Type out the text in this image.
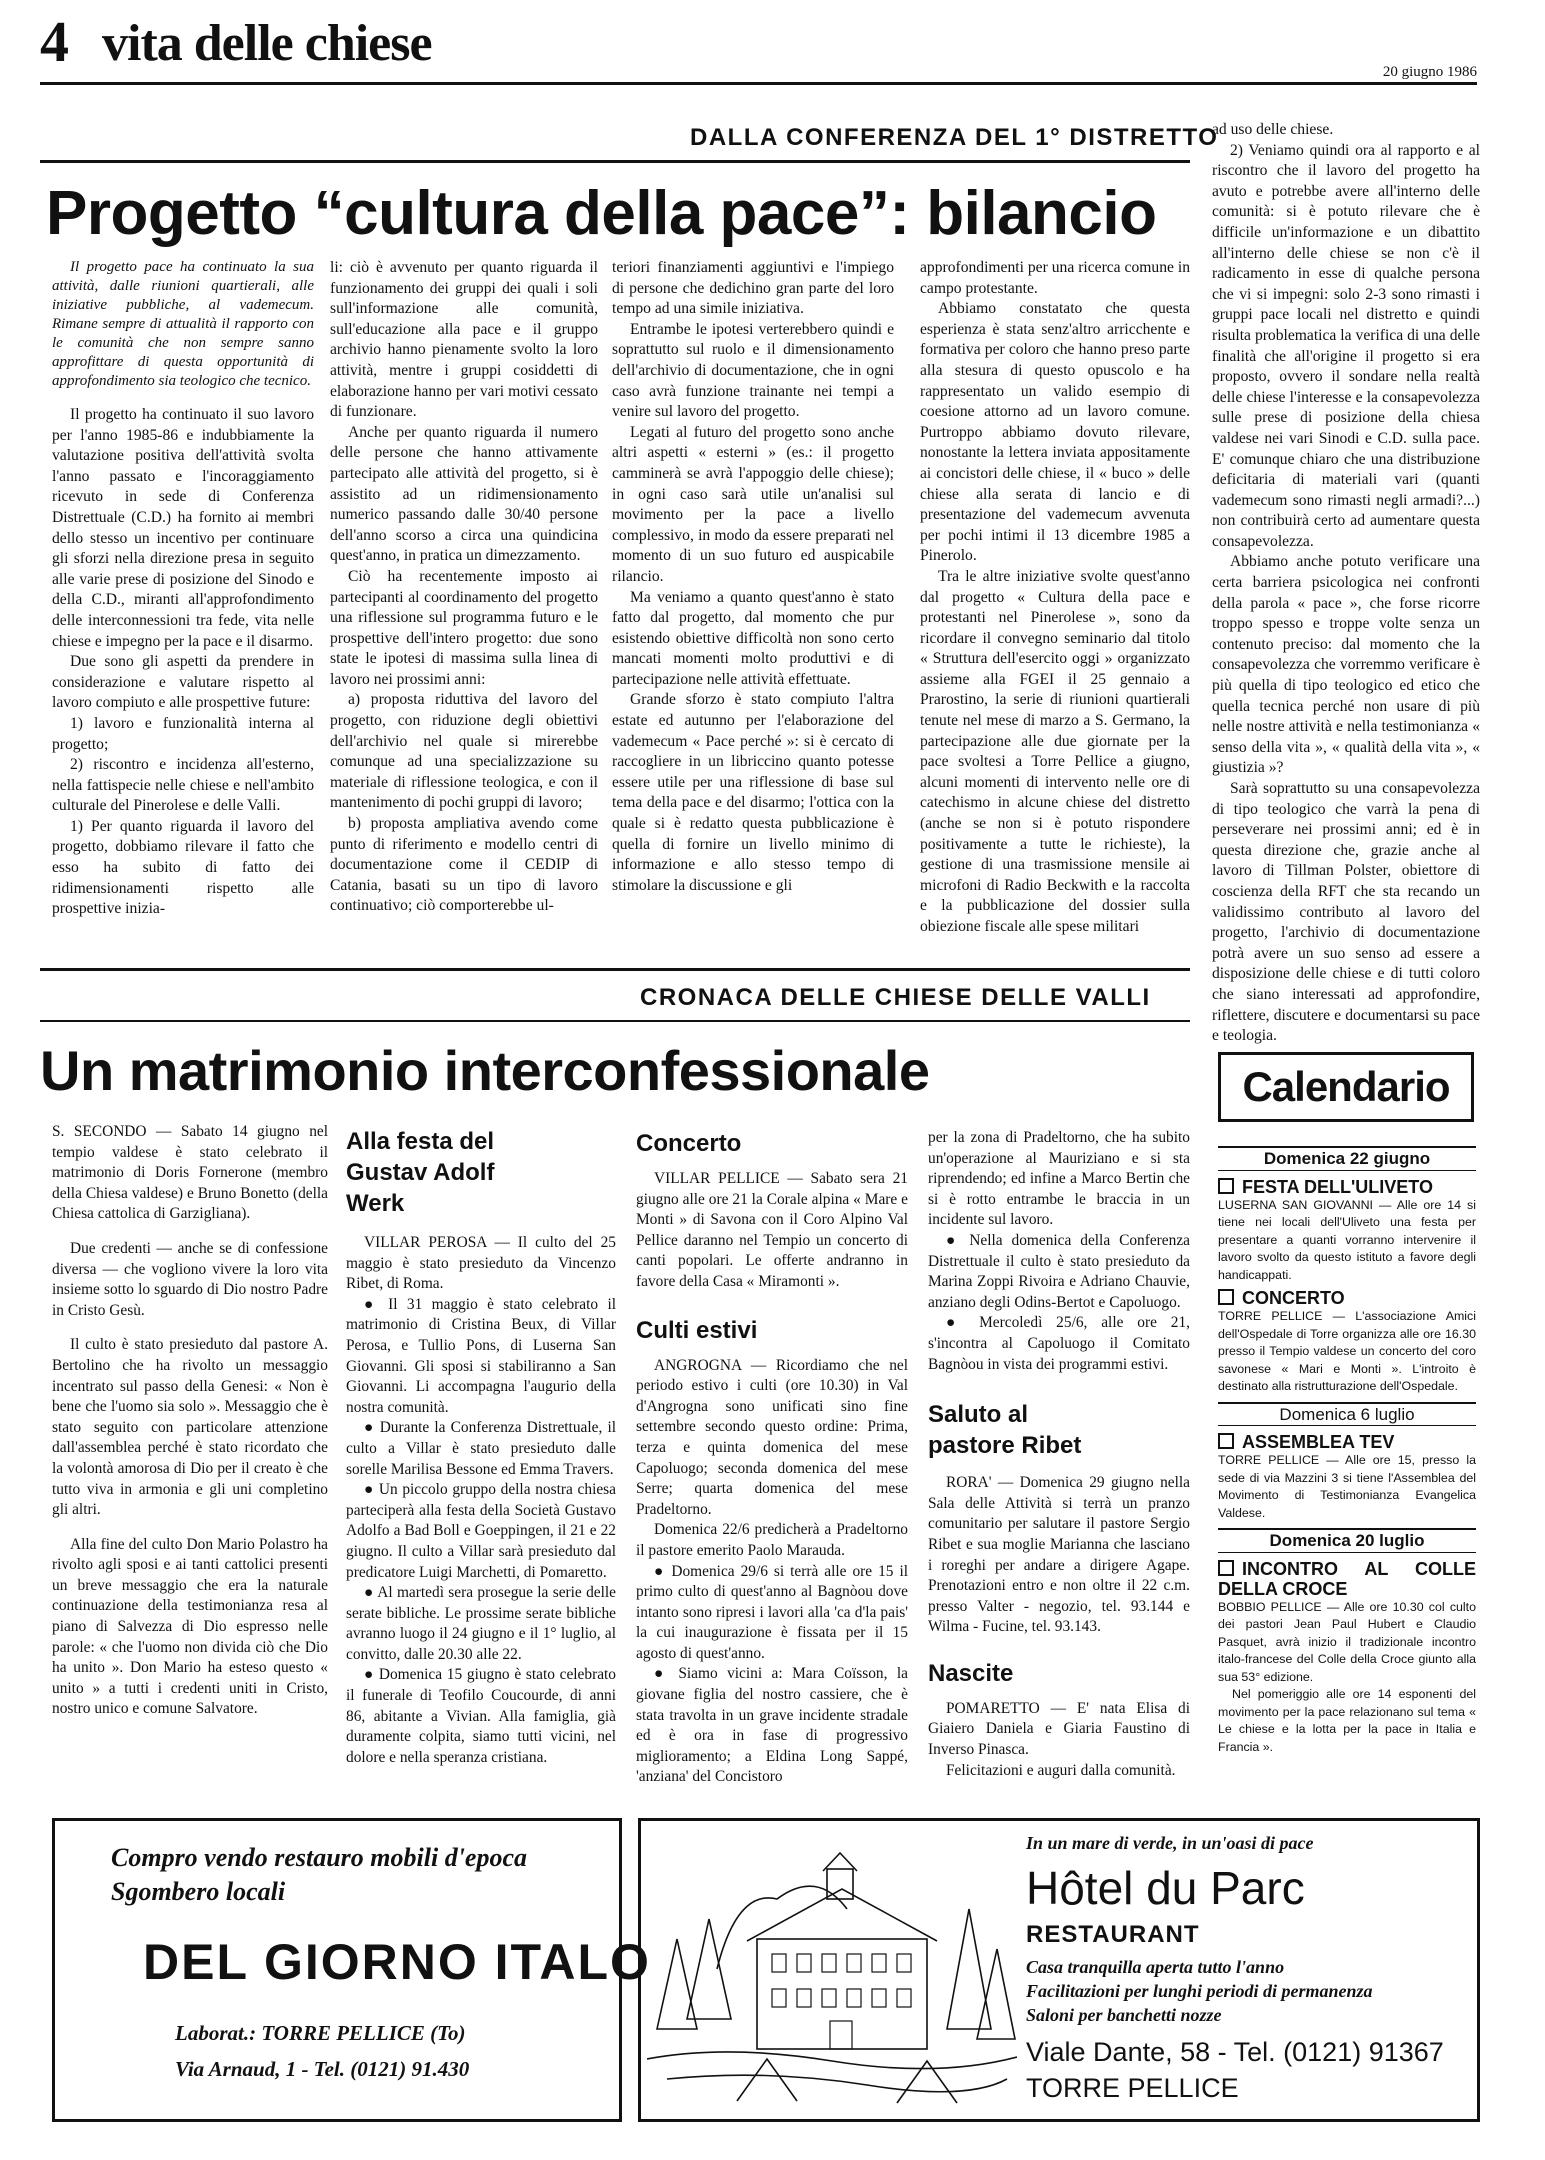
4 vita delle chiese	20 giugno 1986
DALLA CONFERENZA DEL 1° DISTRETTO
Progetto “cultura della pace”: bilancio

Il progetto pace ha continuato la sua attività, dalle riunioni quartierali, alle iniziative pubbliche, al vademecum. Rimane sempre di attualità il rapporto con le comunità che non sempre sanno approfittare di questa opportunità di approfondimento sia teologico che tecnico.

Il progetto ha continuato il suo lavoro per l'anno 1985-86 e indubbiamente la valutazione positiva dell'attività svolta l'anno passato e l'incoraggiamento ricevuto in sede di Conferenza Distrettuale (C.D.) ha fornito ai membri dello stesso un incentivo per continuare gli sforzi nella direzione presa in seguito alle varie prese di posizione del Sinodo e della C.D., miranti all'approfondimento delle interconnessioni tra fede, vita nelle chiese e impegno per la pace e il disarmo.

Due sono gli aspetti da prendere in considerazione e valutare rispetto al lavoro compiuto e alle prospettive future:

1) lavoro e funzionalità interna al progetto;

2) riscontro e incidenza all'esterno, nella fattispecie nelle chiese e nell'ambito culturale del Pinerolese e delle Valli.

1) Per quanto riguarda il lavoro del progetto, dobbiamo rilevare il fatto che esso ha subito di fatto dei ridimensionamenti rispetto alle prospettive inizia-

li: ciò è avvenuto per quanto riguarda il funzionamento dei gruppi dei quali i soli sull'informazione alle comunità, sull'educazione alla pace e il gruppo archivio hanno pienamente svolto la loro attività, mentre i gruppi cosiddetti di elaborazione hanno per vari motivi cessato di funzionare.

Anche per quanto riguarda il numero delle persone che hanno attivamente partecipato alle attività del progetto, si è assistito ad un ridimensionamento numerico passando dalle 30/40 persone dell'anno scorso a circa una quindicina quest'anno, in pratica un dimezzamento.

Ciò ha recentemente imposto ai partecipanti al coordinamento del progetto una riflessione sul programma futuro e le prospettive dell'intero progetto: due sono state le ipotesi di massima sulla linea di lavoro nei prossimi anni:

a) proposta riduttiva del lavoro del progetto, con riduzione degli obiettivi dell'archivio nel quale si mirerebbe comunque ad una specializzazione su materiale di riflessione teologica, e con il mantenimento di pochi gruppi di lavoro;

b) proposta ampliativa avendo come punto di riferimento e modello centri di documentazione come il CEDIP di Catania, basati su un tipo di lavoro continuativo; ciò comporterebbe ul-

teriori finanziamenti aggiuntivi e l'impiego di persone che dedichino gran parte del loro tempo ad una simile iniziativa.

Entrambe le ipotesi verterebbero quindi e soprattutto sul ruolo e il dimensionamento dell'archivio di documentazione, che in ogni caso avrà funzione trainante nei tempi a venire sul lavoro del progetto.

Legati al futuro del progetto sono anche altri aspetti « esterni » (es.: il progetto camminerà se avrà l'appoggio delle chiese); in ogni caso sarà utile un'analisi sul movimento per la pace a livello complessivo, in modo da essere preparati nel momento di un suo futuro ed auspicabile rilancio.

Ma veniamo a quanto quest'anno è stato fatto dal progetto, dal momento che pur esistendo obiettive difficoltà non sono certo mancati momenti molto produttivi e di partecipazione nelle attività effettuate.

Grande sforzo è stato compiuto l'altra estate ed autunno per l'elaborazione del vademecum « Pace perché »: si è cercato di raccogliere in un libriccino quanto potesse essere utile per una riflessione di base sul tema della pace e del disarmo; l'ottica con la quale si è redatto questa pubblicazione è quella di fornire un livello minimo di informazione e allo stesso tempo di stimolare la discussione e gli

approfondimenti per una ricerca comune in campo protestante.

Abbiamo constatato che questa esperienza è stata senz'altro arricchente e formativa per coloro che hanno preso parte alla stesura di questo opuscolo e ha rappresentato un valido esempio di coesione attorno ad un lavoro comune. Purtroppo abbiamo dovuto rilevare, nonostante la lettera inviata appositamente ai concistori delle chiese, il « buco » delle chiese alla serata di lancio e di presentazione del vademecum avvenuta per pochi intimi il 13 dicembre 1985 a Pinerolo.

Tra le altre iniziative svolte quest'anno dal progetto « Cultura della pace e protestanti nel Pinerolese », sono da ricordare il convegno seminario dal titolo « Struttura dell'esercito oggi » organizzato assieme alla FGEI il 25 gennaio a Prarostino, la serie di riunioni quartierali tenute nel mese di marzo a S. Germano, la partecipazione alle due giornate per la pace svoltesi a Torre Pellice a giugno, alcuni momenti di intervento nelle ore di catechismo in alcune chiese del distretto (anche se non si è potuto rispondere positivamente a tutte le richieste), la gestione di una trasmissione mensile ai microfoni di Radio Beckwith e la raccolta e la pubblicazione del dossier sulla obiezione fiscale alle spese militari

ad uso delle chiese.

2) Veniamo quindi ora al rapporto e al riscontro che il lavoro del progetto ha avuto e potrebbe avere all'interno delle comunità: si è potuto rilevare che è difficile un'informazione e un dibattito all'interno delle chiese se non c'è il radicamento in esse di qualche persona che vi si impegni: solo 2-3 sono rimasti i gruppi pace locali nel distretto e quindi risulta problematica la verifica di una delle finalità che all'origine il progetto si era proposto, ovvero il sondare nella realtà delle chiese l'interesse e la consapevolezza sulle prese di posizione della chiesa valdese nei vari Sinodi e C.D. sulla pace. E' comunque chiaro che una distribuzione deficitaria di materiali vari (quanti vademecum sono rimasti negli armadi?...) non contribuirà certo ad aumentare questa consapevolezza.

Abbiamo anche potuto verificare una certa barriera psicologica nei confronti della parola « pace », che forse ricorre troppo spesso e troppe volte senza un contenuto preciso: dal momento che la consapevolezza che vorremmo verificare è più quella di tipo teologico ed etico che quella tecnica perché non usare di più nelle nostre attività e nella testimonianza « senso della vita », « qualità della vita », « giustizia »?

Sarà soprattutto su una consapevolezza di tipo teologico che varrà la pena di perseverare nei prossimi anni; ed è in questa direzione che, grazie anche al lavoro di Tillman Polster, obiettore di coscienza della RFT che sta recando un validissimo contributo al lavoro del progetto, l'archivio di documentazione potrà avere un suo senso ad essere a disposizione delle chiese e di tutti coloro che siano interessati ad approfondire, riflettere, discutere e documentarsi su pace e teologia.

CRONACA DELLE CHIESE DELLE VALLI
Un matrimonio interconfessionale

S. SECONDO — Sabato 14 giugno nel tempio valdese è stato celebrato il matrimonio di Doris Fornerone (membro della Chiesa valdese) e Bruno Bonetto (della Chiesa cattolica di Garzigliana).

Due credenti — anche se di confessione diversa — che vogliono vivere la loro vita insieme sotto lo sguardo di Dio nostro Padre in Cristo Gesù.

Il culto è stato presieduto dal pastore A. Bertolino che ha rivolto un messaggio incentrato sul passo della Genesi: « Non è bene che l'uomo sia solo ». Messaggio che è stato seguito con particolare attenzione dall'assemblea perché è stato ricordato che la volontà amorosa di Dio per il creato è che tutto viva in armonia e gli uni completino gli altri.

Alla fine del culto Don Mario Polastro ha rivolto agli sposi e ai tanti cattolici presenti un breve messaggio che era la naturale continuazione della testimonianza resa al piano di Salvezza di Dio espresso nelle parole: « che l'uomo non divida ciò che Dio ha unito ». Don Mario ha esteso questo « unito » a tutti i credenti uniti in Cristo, nostro unico e comune Salvatore.

Alla festa del Gustav Adolf Werk

VILLAR PEROSA — Il culto del 25 maggio è stato presieduto da Vincenzo Ribet, di Roma.

● Il 31 maggio è stato celebrato il matrimonio di Cristina Beux, di Villar Perosa, e Tullio Pons, di Luserna San Giovanni. Gli sposi si stabiliranno a San Giovanni. Li accompagna l'augurio della nostra comunità.

● Durante la Conferenza Distrettuale, il culto a Villar è stato presieduto dalle sorelle Marilisa Bessone ed Emma Travers.

● Un piccolo gruppo della nostra chiesa parteciperà alla festa della Società Gustavo Adolfo a Bad Boll e Goeppingen, il 21 e 22 giugno. Il culto a Villar sarà presieduto dal predicatore Luigi Marchetti, di Pomaretto.

● Al martedì sera prosegue la serie delle serate bibliche. Le prossime serate bibliche avranno luogo il 24 giugno e il 1° luglio, al convitto, dalle 20.30 alle 22.

● Domenica 15 giugno è stato celebrato il funerale di Teofilo Coucourde, di anni 86, abitante a Vivian. Alla famiglia, già duramente colpita, siamo tutti vicini, nel dolore e nella speranza cristiana.

Concerto

VILLAR PELLICE — Sabato sera 21 giugno alle ore 21 la Corale alpina « Mare e Monti » di Savona con il Coro Alpino Val Pellice daranno nel Tempio un concerto di canti popolari. Le offerte andranno in favore della Casa « Miramonti ».

Culti estivi

ANGROGNA — Ricordiamo che nel periodo estivo i culti (ore 10.30) in Val d'Angrogna sono unificati sino fine settembre secondo questo ordine: Prima, terza e quinta domenica del mese Capoluogo; seconda domenica del mese Serre; quarta domenica del mese Pradeltorno.

Domenica 22/6 predicherà a Pradeltorno il pastore emerito Paolo Marauda.

● Domenica 29/6 si terrà alle ore 15 il primo culto di quest'anno al Bagnòou dove intanto sono ripresi i lavori alla 'ca d'la pais' la cui inaugurazione è fissata per il 15 agosto di quest'anno.

● Siamo vicini a: Mara Coïsson, la giovane figlia del nostro cassiere, che è stata travolta in un grave incidente stradale ed è ora in fase di progressivo miglioramento; a Eldina Long Sappé, 'anziana' del Concistoro

per la zona di Pradeltorno, che ha subito un'operazione al Mauriziano e si sta riprendendo; ed infine a Marco Bertin che si è rotto entrambe le braccia in un incidente sul lavoro.

● Nella domenica della Conferenza Distrettuale il culto è stato presieduto da Marina Zoppi Rivoira e Adriano Chauvie, anziano degli Odins-Bertot e Capoluogo.

● Mercoledì 25/6, alle ore 21, s'incontra al Capoluogo il Comitato Bagnòou in vista dei programmi estivi.

Saluto al pastore Ribet

RORA' — Domenica 29 giugno nella Sala delle Attività si terrà un pranzo comunitario per salutare il pastore Sergio Ribet e sua moglie Marianna che lasciano i roreghi per andare a dirigere Agape. Prenotazioni entro e non oltre il 22 c.m. presso Valter - negozio, tel. 93.144 e Wilma - Fucine, tel. 93.143.

Nascite

POMARETTO — E' nata Elisa di Giaiero Daniela e Giaria Faustino di Inverso Pinasca.

Felicitazioni e auguri dalla comunità.

Calendario
Domenica 22 giugno
FESTA DELL'ULIVETO
LUSERNA SAN GIOVANNI — Alle ore 14 si tiene nei locali dell'Uliveto una festa per presentare a quanti vorranno intervenire il lavoro svolto da questo istituto a favore degli handicappati.
CONCERTO
TORRE PELLICE — L'associazione Amici dell'Ospedale di Torre organizza alle ore 16.30 presso il Tempio valdese un concerto del coro savonese « Mari e Monti ». L'introito è destinato alla ristrutturazione dell'Ospedale.
Domenica 6 luglio
ASSEMBLEA TEV
TORRE PELLICE — Alle ore 15, presso la sede di via Mazzini 3 si tiene l'Assemblea del Movimento di Testimonianza Evangelica Valdese.
Domenica 20 luglio
INCONTRO AL COLLE DELLA CROCE
BOBBIO PELLICE — Alle ore 10.30 col culto dei pastori Jean Paul Hubert e Claudio Pasquet, avrà inizio il tradizionale incontro italo-francese del Colle della Croce giunto alla sua 53° edizione.
Nel pomeriggio alle ore 14 esponenti del movimento per la pace relazionano sul tema « Le chiese e la lotta per la pace in Italia e Francia ».
Compro vendo restauro mobili d'epoca
Sgombero locali
DEL GIORNO ITALO
Laborat.: TORRE PELLICE (To)
Via Arnaud, 1 - Tel. (0121) 91.430
In un mare di verde, in un'oasi di pace
Hôtel du Parc
RESTAURANT
Casa tranquilla aperta tutto l'anno
Facilitazioni per lunghi periodi di permanenza
Saloni per banchetti nozze
Viale Dante, 58 - Tel. (0121) 91367
TORRE PELLICE
